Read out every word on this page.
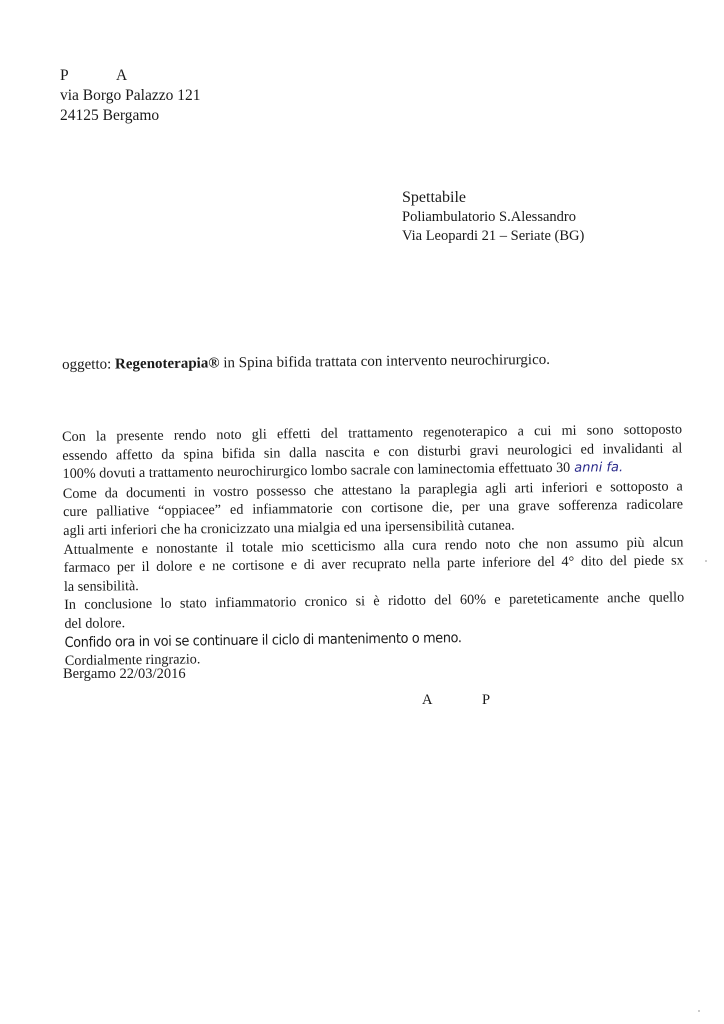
P	A
via Borgo Palazzo 121
24125 Bergamo
Spettabile
Poliambulatorio S.Alessandro
Via Leopardi 21 – Seriate (BG)
oggetto: Regenoterapia® in Spina bifida trattata con intervento neurochirurgico.
Con la presente rendo noto gli effetti del trattamento regenoterapico a cui mi sono sottoposto
essendo affetto da spina bifida sin dalla nascita e con disturbi gravi neurologici ed invalidanti al
100% dovuti a trattamento neurochirurgico lombo sacrale con laminectomia effettuato 30 anni fa.
Come da documenti in vostro possesso che attestano la paraplegia agli arti inferiori e sottoposto a
cure palliative “oppiacee” ed infiammatorie con cortisone die, per una grave sofferenza radicolare
agli arti inferiori che ha cronicizzato una mialgia ed una ipersensibilità cutanea.
Attualmente e nonostante il totale mio scetticismo alla cura rendo noto che non assumo più alcun
farmaco per il dolore e ne cortisone e di aver recuprato nella parte inferiore del 4° dito del piede sx
la sensibilità.
In conclusione lo stato infiammatorio cronico si è ridotto del 60% e pareteticamente anche quello
del dolore.
Confido ora in voi se continuare il ciclo di mantenimento o meno.
Cordialmente ringrazio.
Bergamo 22/03/2016
A	P
